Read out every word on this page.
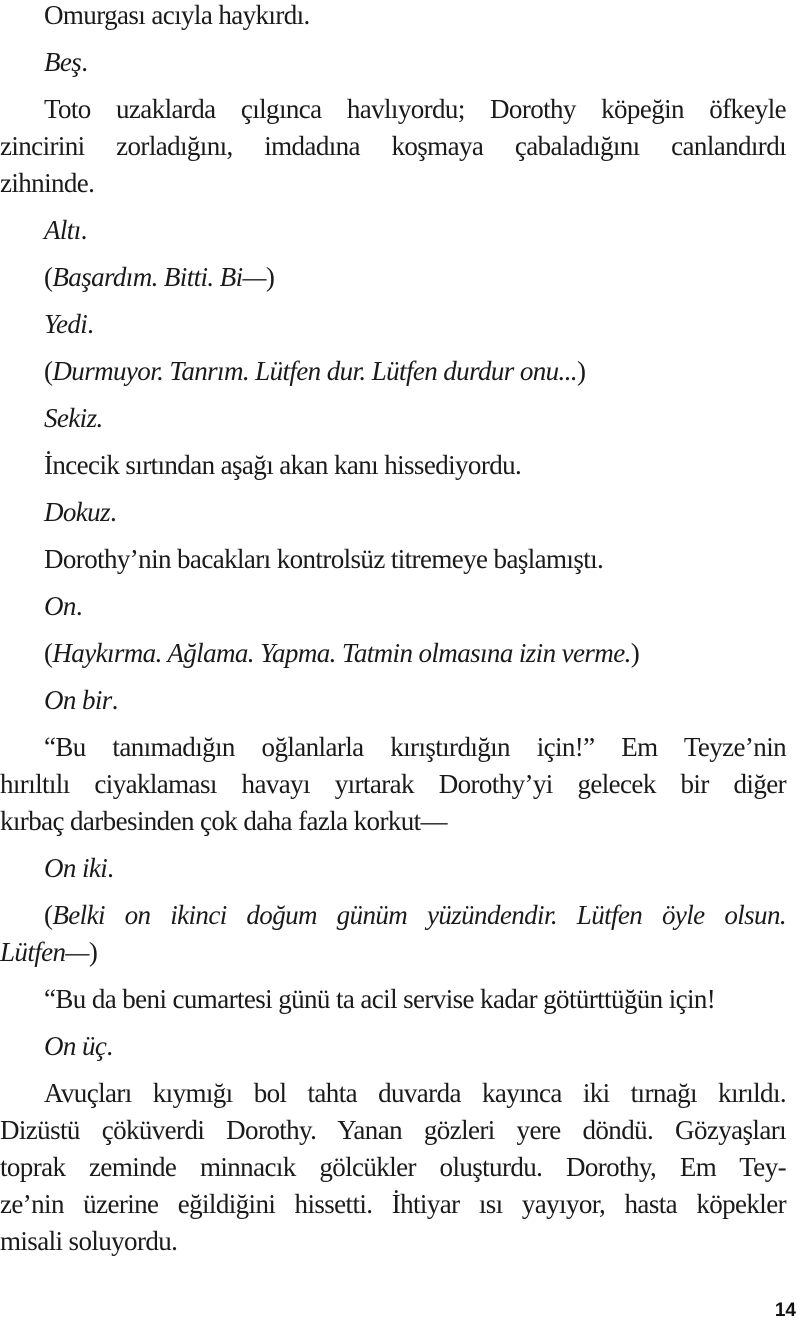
Omurgası acıyla haykırdı.
Beş.
Toto uzaklarda çılgınca havlıyordu; Dorothy köpeğin öfkeyle
zincirini zorladığını, imdadına koşmaya çabaladığını canlandırdı
zihninde.
Altı.
(Başardım. Bitti. Bi—)
Yedi.
(Durmuyor. Tanrım. Lütfen dur. Lütfen durdur onu...)
Sekiz.
İncecik sırtından aşağı akan kanı hissediyordu.
Dokuz.
Dorothy’nin bacakları kontrolsüz titremeye başlamıştı.
On.
(Haykırma. Ağlama. Yapma. Tatmin olmasına izin verme.)
On bir.
“Bu tanımadığın oğlanlarla kırıştırdığın için!” Em Teyze’nin
hırıltılı ciyaklaması havayı yırtarak Dorothy’yi gelecek bir diğer
kırbaç darbesinden çok daha fazla korkut—
On iki.
(Belki on ikinci doğum günüm yüzündendir. Lütfen öyle olsun.
Lütfen—)
“Bu da beni cumartesi günü ta acil servise kadar götürttüğün için!
On üç.
Avuçları kıymığı bol tahta duvarda kayınca iki tırnağı kırıldı.
Dizüstü çöküverdi Dorothy. Yanan gözleri yere döndü. Gözyaşları
toprak zeminde minnacık gölcükler oluşturdu. Dorothy, Em Tey-
ze’nin üzerine eğildiğini hissetti. İhtiyar ısı yayıyor, hasta köpekler
misali soluyordu.
14
